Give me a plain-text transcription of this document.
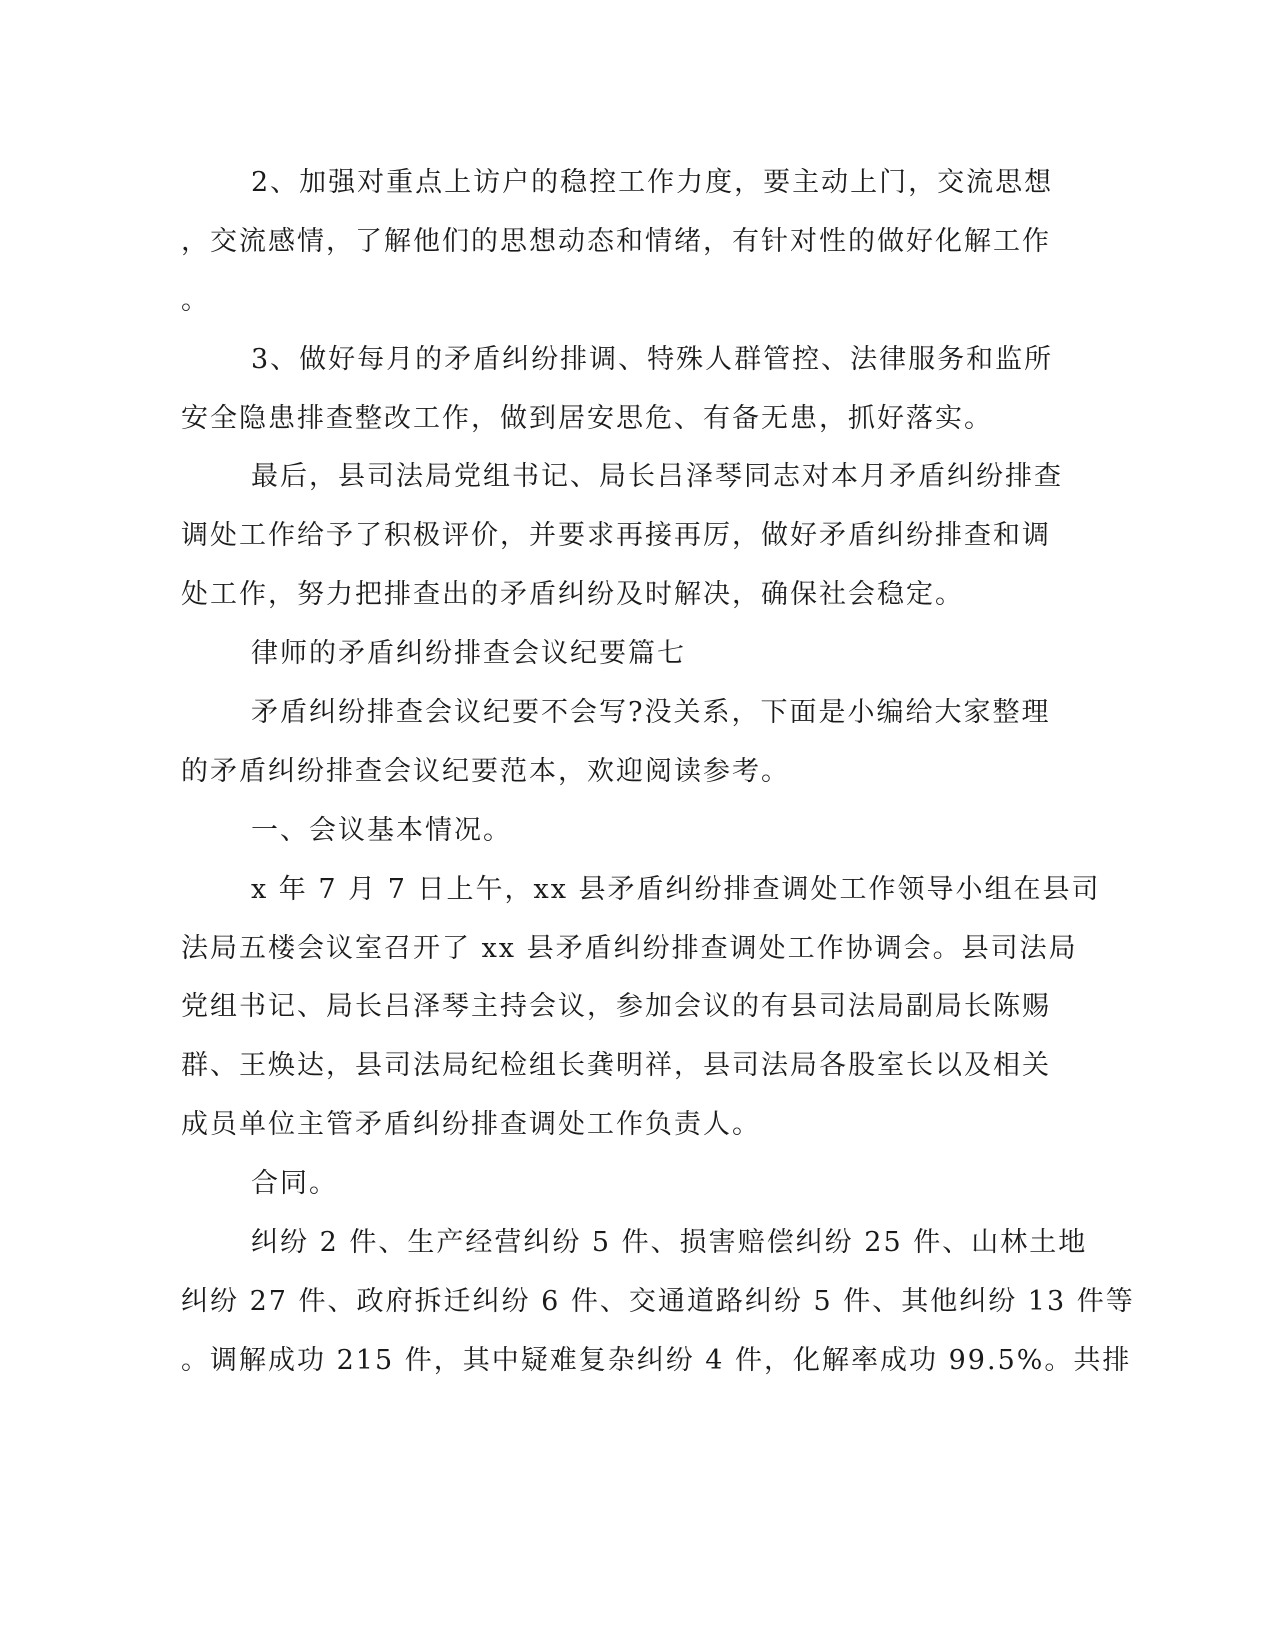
2、加强对重点上访户的稳控工作力度，要主动上门，交流思想

，交流感情，了解他们的思想动态和情绪，有针对性的做好化解工作

。

3、做好每月的矛盾纠纷排调、特殊人群管控、法律服务和监所

安全隐患排查整改工作，做到居安思危、有备无患，抓好落实。

最后，县司法局党组书记、局长吕泽琴同志对本月矛盾纠纷排查

调处工作给予了积极评价，并要求再接再厉，做好矛盾纠纷排查和调

处工作，努力把排查出的矛盾纠纷及时解决，确保社会稳定。

律师的矛盾纠纷排查会议纪要篇七

矛盾纠纷排查会议纪要不会写?没关系，下面是小编给大家整理

的矛盾纠纷排查会议纪要范本，欢迎阅读参考。

一、会议基本情况。

x 年 7 月 7 日上午，xx 县矛盾纠纷排查调处工作领导小组在县司

法局五楼会议室召开了 xx 县矛盾纠纷排查调处工作协调会。县司法局

党组书记、局长吕泽琴主持会议，参加会议的有县司法局副局长陈赐

群、王焕达，县司法局纪检组长龚明祥，县司法局各股室长以及相关

成员单位主管矛盾纠纷排查调处工作负责人。

合同。

纠纷 2 件、生产经营纠纷 5 件、损害赔偿纠纷 25 件、山林土地

纠纷 27 件、政府拆迁纠纷 6 件、交通道路纠纷 5 件、其他纠纷 13 件等

。调解成功 215 件，其中疑难复杂纠纷 4 件，化解率成功 99.5%。共排
